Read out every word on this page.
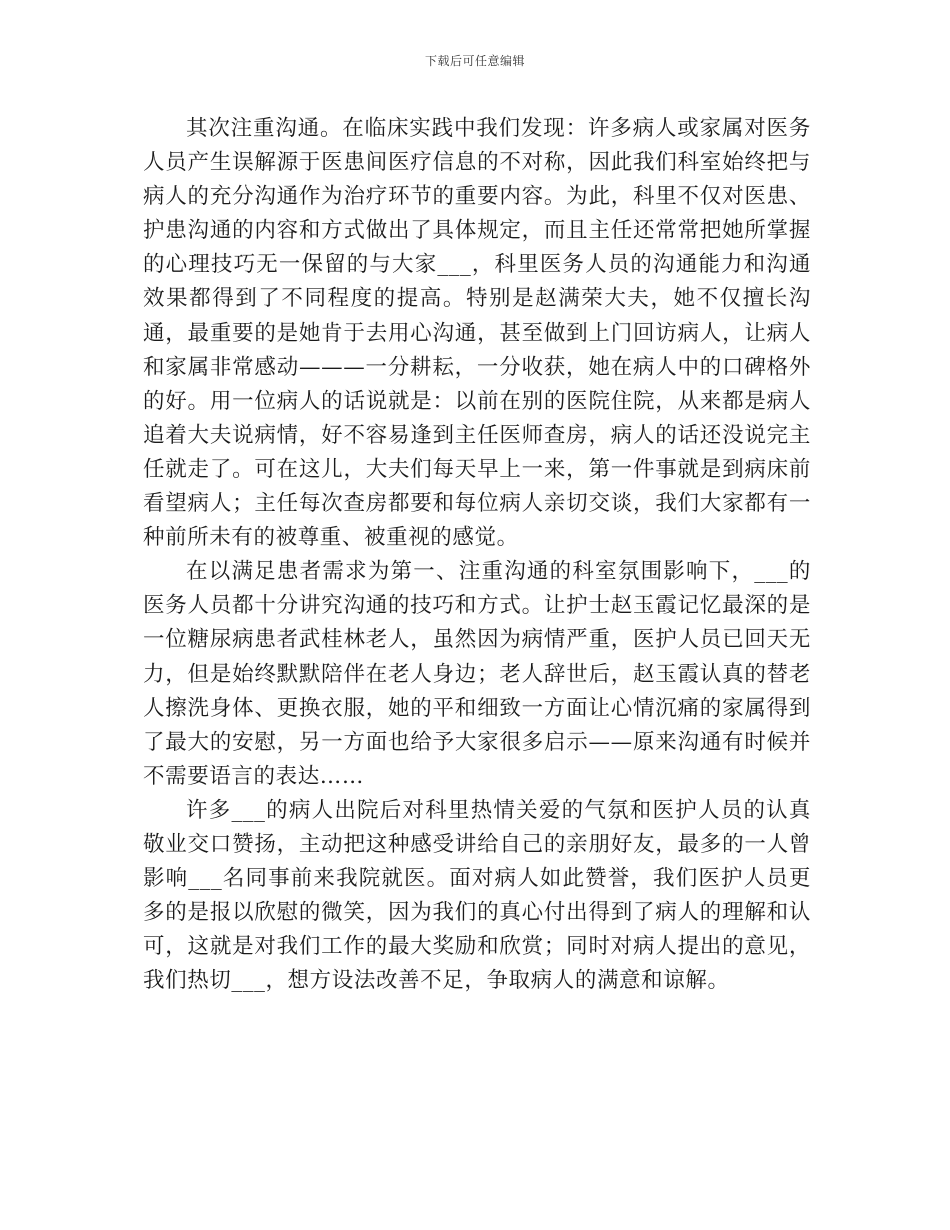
下载后可任意编辑

其次注重沟通。在临床实践中我们发现：许多病人或家属对医务人员产生误解源于医患间医疗信息的不对称，因此我们科室始终把与病人的充分沟通作为治疗环节的重要内容。为此，科里不仅对医患、护患沟通的内容和方式做出了具体规定，而且主任还常常把她所掌握的心理技巧无一保留的与大家___，科里医务人员的沟通能力和沟通效果都得到了不同程度的提高。特别是赵满荣大夫，她不仅擅长沟通，最重要的是她肯于去用心沟通，甚至做到上门回访病人，让病人和家属非常感动———一分耕耘，一分收获，她在病人中的口碑格外的好。用一位病人的话说就是：以前在别的医院住院，从来都是病人追着大夫说病情，好不容易逢到主任医师查房，病人的话还没说完主任就走了。可在这儿，大夫们每天早上一来，第一件事就是到病床前看望病人；主任每次查房都要和每位病人亲切交谈，我们大家都有一种前所未有的被尊重、被重视的感觉。

在以满足患者需求为第一、注重沟通的科室氛围影响下，___的医务人员都十分讲究沟通的技巧和方式。让护士赵玉霞记忆最深的是一位糖尿病患者武桂林老人，虽然因为病情严重，医护人员已回天无力，但是始终默默陪伴在老人身边；老人辞世后，赵玉霞认真的替老人擦洗身体、更换衣服，她的平和细致一方面让心情沉痛的家属得到了最大的安慰，另一方面也给予大家很多启示——原来沟通有时候并不需要语言的表达……

许多___的病人出院后对科里热情关爱的气氛和医护人员的认真敬业交口赞扬，主动把这种感受讲给自己的亲朋好友，最多的一人曾影响___名同事前来我院就医。面对病人如此赞誉，我们医护人员更多的是报以欣慰的微笑，因为我们的真心付出得到了病人的理解和认可，这就是对我们工作的最大奖励和欣赏；同时对病人提出的意见，我们热切___，想方设法改善不足，争取病人的满意和谅解。
